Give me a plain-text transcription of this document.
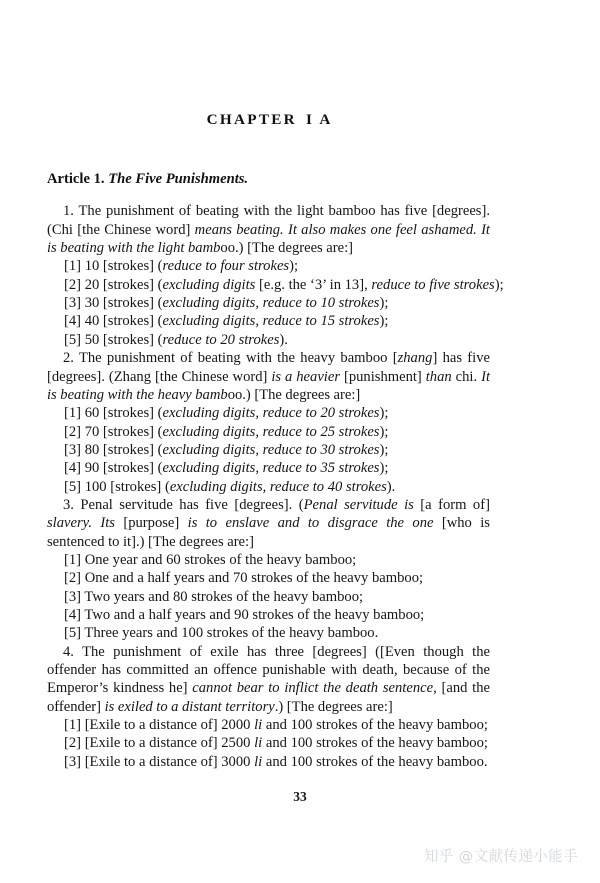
CHAPTER I A
Article 1. The Five Punishments.

1. The punishment of beating with the light bamboo has five [degrees]. (Chi [the Chinese word] means beating. It also makes one feel ashamed. It is beating with the light bamboo.) [The degrees are:]

[1] 10 [strokes] (reduce to four strokes);
[2] 20 [strokes] (excluding digits [e.g. the ‘3’ in 13], reduce to five strokes);
[3] 30 [strokes] (excluding digits, reduce to 10 strokes);
[4] 40 [strokes] (excluding digits, reduce to 15 strokes);
[5] 50 [strokes] (reduce to 20 strokes).

2. The punishment of beating with the heavy bamboo [zhang] has five [degrees]. (Zhang [the Chinese word] is a heavier [punishment] than chi. It is beating with the heavy bamboo.) [The degrees are:]

[1] 60 [strokes] (excluding digits, reduce to 20 strokes);
[2] 70 [strokes] (excluding digits, reduce to 25 strokes);
[3] 80 [strokes] (excluding digits, reduce to 30 strokes);
[4] 90 [strokes] (excluding digits, reduce to 35 strokes);
[5] 100 [strokes] (excluding digits, reduce to 40 strokes).

3. Penal servitude has five [degrees]. (Penal servitude is [a form of] slavery. Its [purpose] is to enslave and to disgrace the one [who is sentenced to it].) [The degrees are:]

[1] One year and 60 strokes of the heavy bamboo;
[2] One and a half years and 70 strokes of the heavy bamboo;
[3] Two years and 80 strokes of the heavy bamboo;
[4] Two and a half years and 90 strokes of the heavy bamboo;
[5] Three years and 100 strokes of the heavy bamboo.

4. The punishment of exile has three [degrees] ([Even though the offender has committed an offence punishable with death, because of the Emperor’s kindness he] cannot bear to inflict the death sentence, [and the offender] is exiled to a distant territory.) [The degrees are:]

[1] [Exile to a distance of] 2000 li and 100 strokes of the heavy bamboo;
[2] [Exile to a distance of] 2500 li and 100 strokes of the heavy bamboo;
[3] [Exile to a distance of] 3000 li and 100 strokes of the heavy bamboo.
33
知乎 @文献传递小能手
